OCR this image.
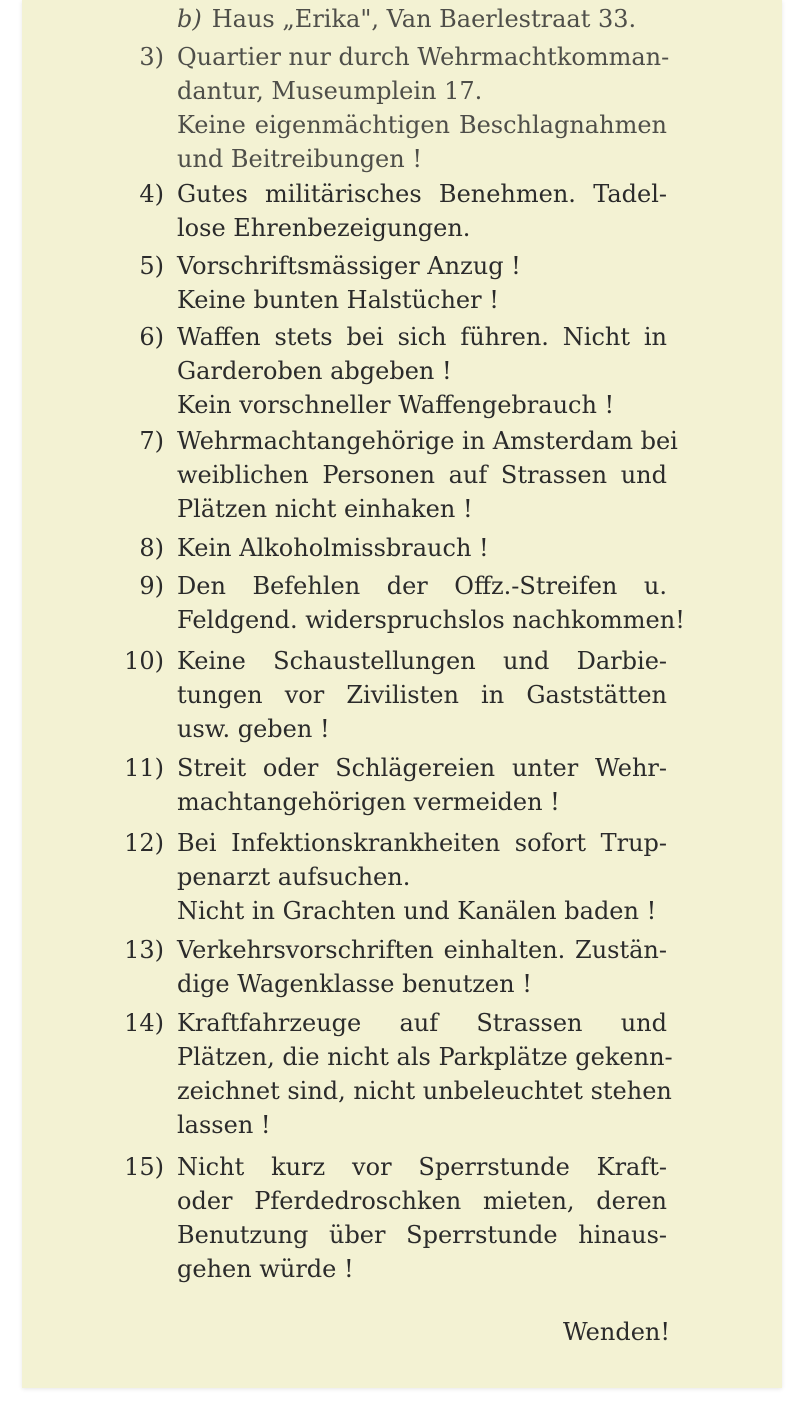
b) Haus „Erika", Van Baerlestraat 33.
3) Quartier nur durch Wehrmachtkomman-
dantur, Museumplein 17.
Keine eigenmächtigen Beschlagnahmen
und Beitreibungen !
4) Gutes militärisches Benehmen. Tadel-
lose Ehrenbezeigungen.
5) Vorschriftsmässiger Anzug !
Keine bunten Halstücher !
6) Waffen stets bei sich führen. Nicht in
Garderoben abgeben !
Kein vorschneller Waffengebrauch !
7) Wehrmachtangehörige in Amsterdam bei
weiblichen Personen auf Strassen und
Plätzen nicht einhaken !
8) Kein Alkoholmissbrauch !
9) Den Befehlen der Offz.-Streifen u.
Feldgend. widerspruchslos nachkommen!
10) Keine Schaustellungen und Darbie-
tungen vor Zivilisten in Gaststätten
usw. geben !
11) Streit oder Schlägereien unter Wehr-
machtangehörigen vermeiden !
12) Bei Infektionskrankheiten sofort Trup-
penarzt aufsuchen.
Nicht in Grachten und Kanälen baden !
13) Verkehrsvorschriften einhalten. Zustän-
dige Wagenklasse benutzen !
14) Kraftfahrzeuge auf Strassen und
Plätzen, die nicht als Parkplätze gekenn-
zeichnet sind, nicht unbeleuchtet stehen
lassen !
15) Nicht kurz vor Sperrstunde Kraft-
oder Pferdedroschken mieten, deren
Benutzung über Sperrstunde hinaus-
gehen würde !
Wenden!
